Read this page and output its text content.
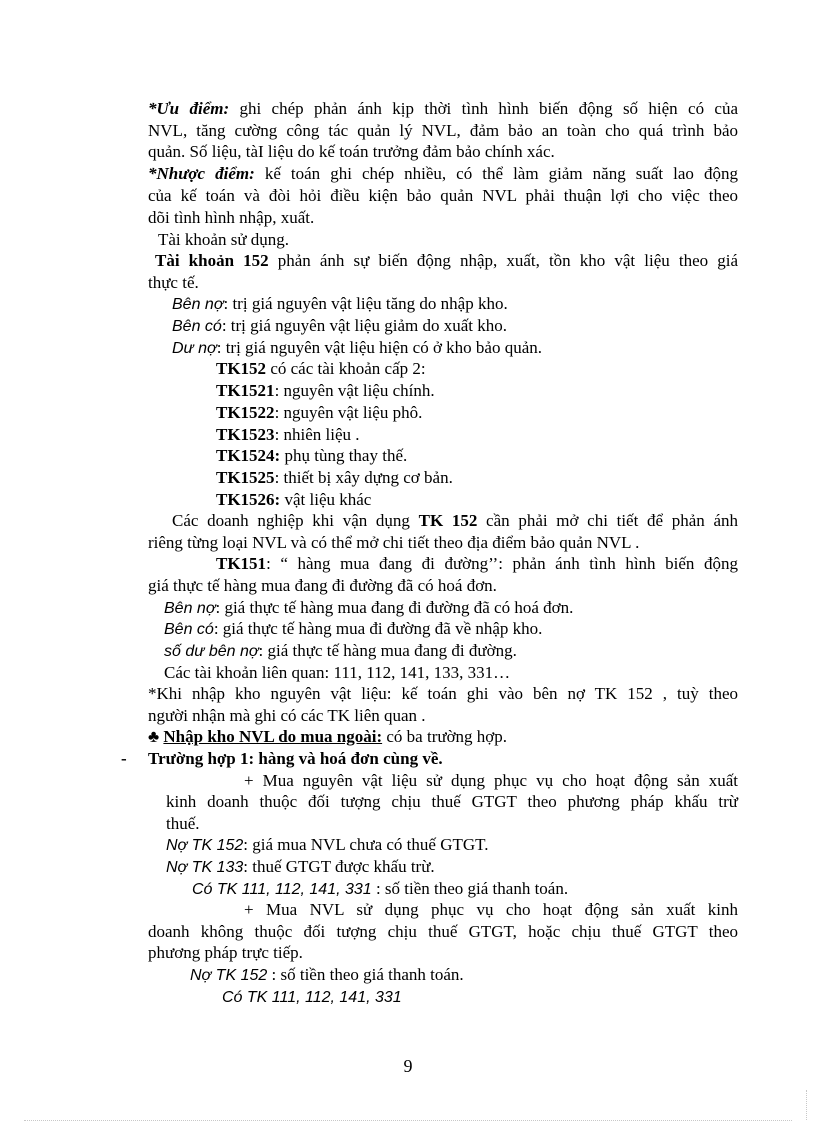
*Ưu điểm: ghi chép phản ánh kịp thời tình hình biến động số hiện có của
NVL, tăng cường công tác quản lý NVL, đảm bảo an toàn cho quá trình bảo
quản. Số liệu, tàI liệu do kế toán trưởng đảm bảo chính xác.
*Nhược điểm: kế toán ghi chép nhiều, có thể làm giảm năng suất lao động
của kế toán và đòi hỏi điều kiện bảo quản NVL phải thuận lợi cho việc theo
dõi tình hình nhập, xuất.
Tài khoản sử dụng.
Tài khoản 152 phản ánh sự biến động nhập, xuất, tồn kho vật liệu theo giá
thực tế.
Bên nợ: trị giá nguyên vật liệu tăng do nhập kho.
Bên có: trị giá nguyên vật liệu giảm do xuất kho.
Dư nợ: trị giá nguyên vật liệu hiện có ở kho bảo quản.
TK152 có các tài khoản cấp 2:
TK1521: nguyên vật liệu chính.
TK1522: nguyên vật liệu phô.
TK1523: nhiên liệu .
TK1524: phụ tùng thay thế.
TK1525: thiết bị xây dựng cơ bản.
TK1526: vật liệu khác
Các doanh nghiệp khi vận dụng TK 152 cần phải mở chi tiết để phản ánh
riêng từng loại NVL và có thể mở chi tiết theo địa điểm bảo quản NVL .
TK151: “ hàng mua đang đi đường’’: phản ánh tình hình biến động
giá thực tế hàng mua đang đi đường đã có hoá đơn.
Bên nợ: giá thực tế hàng mua đang đi đường đã có hoá đơn.
Bên có: giá thực tế hàng mua đi đường đã về nhập kho.
số dư bên nợ: giá thực tế hàng mua đang đi đường.
Các tài khoản liên quan: 111, 112, 141, 133, 331…
*Khi nhập kho nguyên vật liệu: kế toán ghi vào bên nợ TK 152 , tuỳ theo
người nhận mà ghi có các TK liên quan .
♣ Nhập kho NVL do mua ngoài: có ba trường hợp.
- Trường hợp 1: hàng và hoá đơn cùng về.
+ Mua nguyên vật liệu sử dụng phục vụ cho hoạt động sản xuất
kinh doanh thuộc đối tượng chịu thuế GTGT theo phương pháp khấu trừ
thuế.
Nợ TK 152: giá mua NVL chưa có thuế GTGT.
Nợ TK 133: thuế GTGT được khấu trừ.
Có TK 111, 112, 141, 331 : số tiền theo giá thanh toán.
+ Mua NVL sử dụng phục vụ cho hoạt động sản xuất kinh
doanh không thuộc đối tượng chịu thuế GTGT, hoặc chịu thuế GTGT theo
phương pháp trực tiếp.
Nợ TK 152 : số tiền theo giá thanh toán.
Có TK 111, 112, 141, 331
9
